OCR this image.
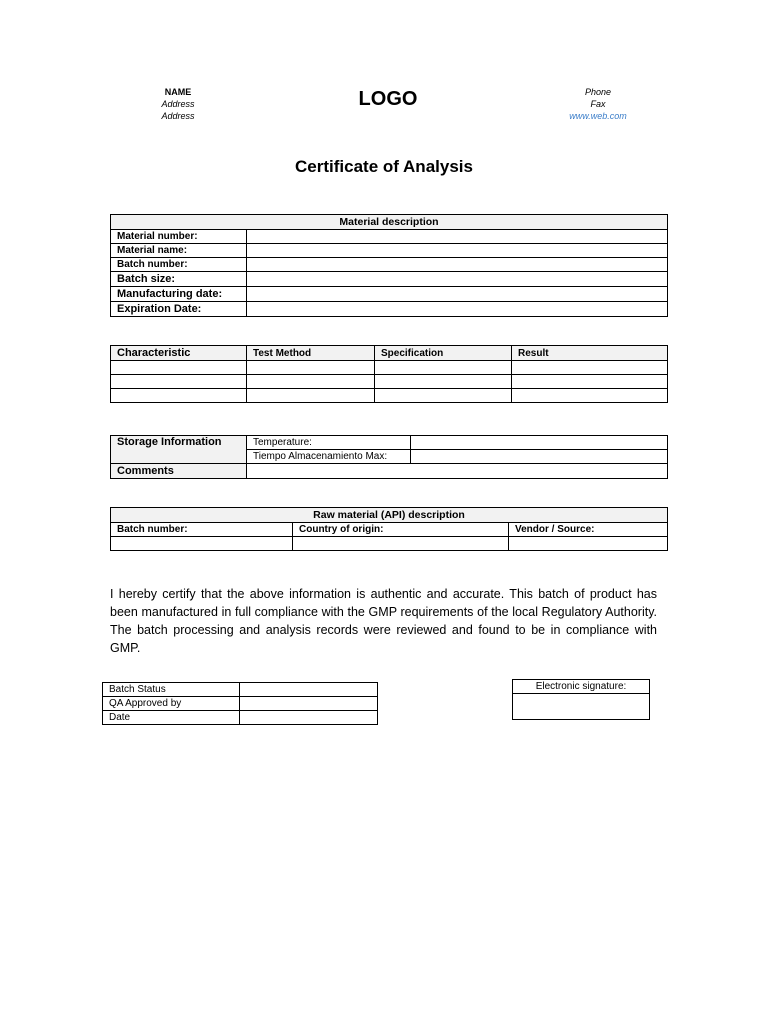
NAME
Address
Address
LOGO	Phone
Fax
www.web.com
Certificate of Analysis
Material description	
Material number:	
Material name:	
Batch number:	
Batch size:	
Manufacturing date:	
Expiration Date:	
Characteristic	Test Method	Specification	Result

Storage Information	Temperature:	
	Tiempo Almacenamiento Max:	
Comments		
Raw material (API) description		
Batch number:	Country of origin:	Vendor / Source:

I hereby certify that the above information is authentic and accurate. This batch of product has been manufactured in full compliance with the GMP requirements of the local Regulatory Authority. The batch processing and analysis records were reviewed and found to be in compliance with GMP.
Batch Status	
QA Approved by	
Date	
Electronic signature:
